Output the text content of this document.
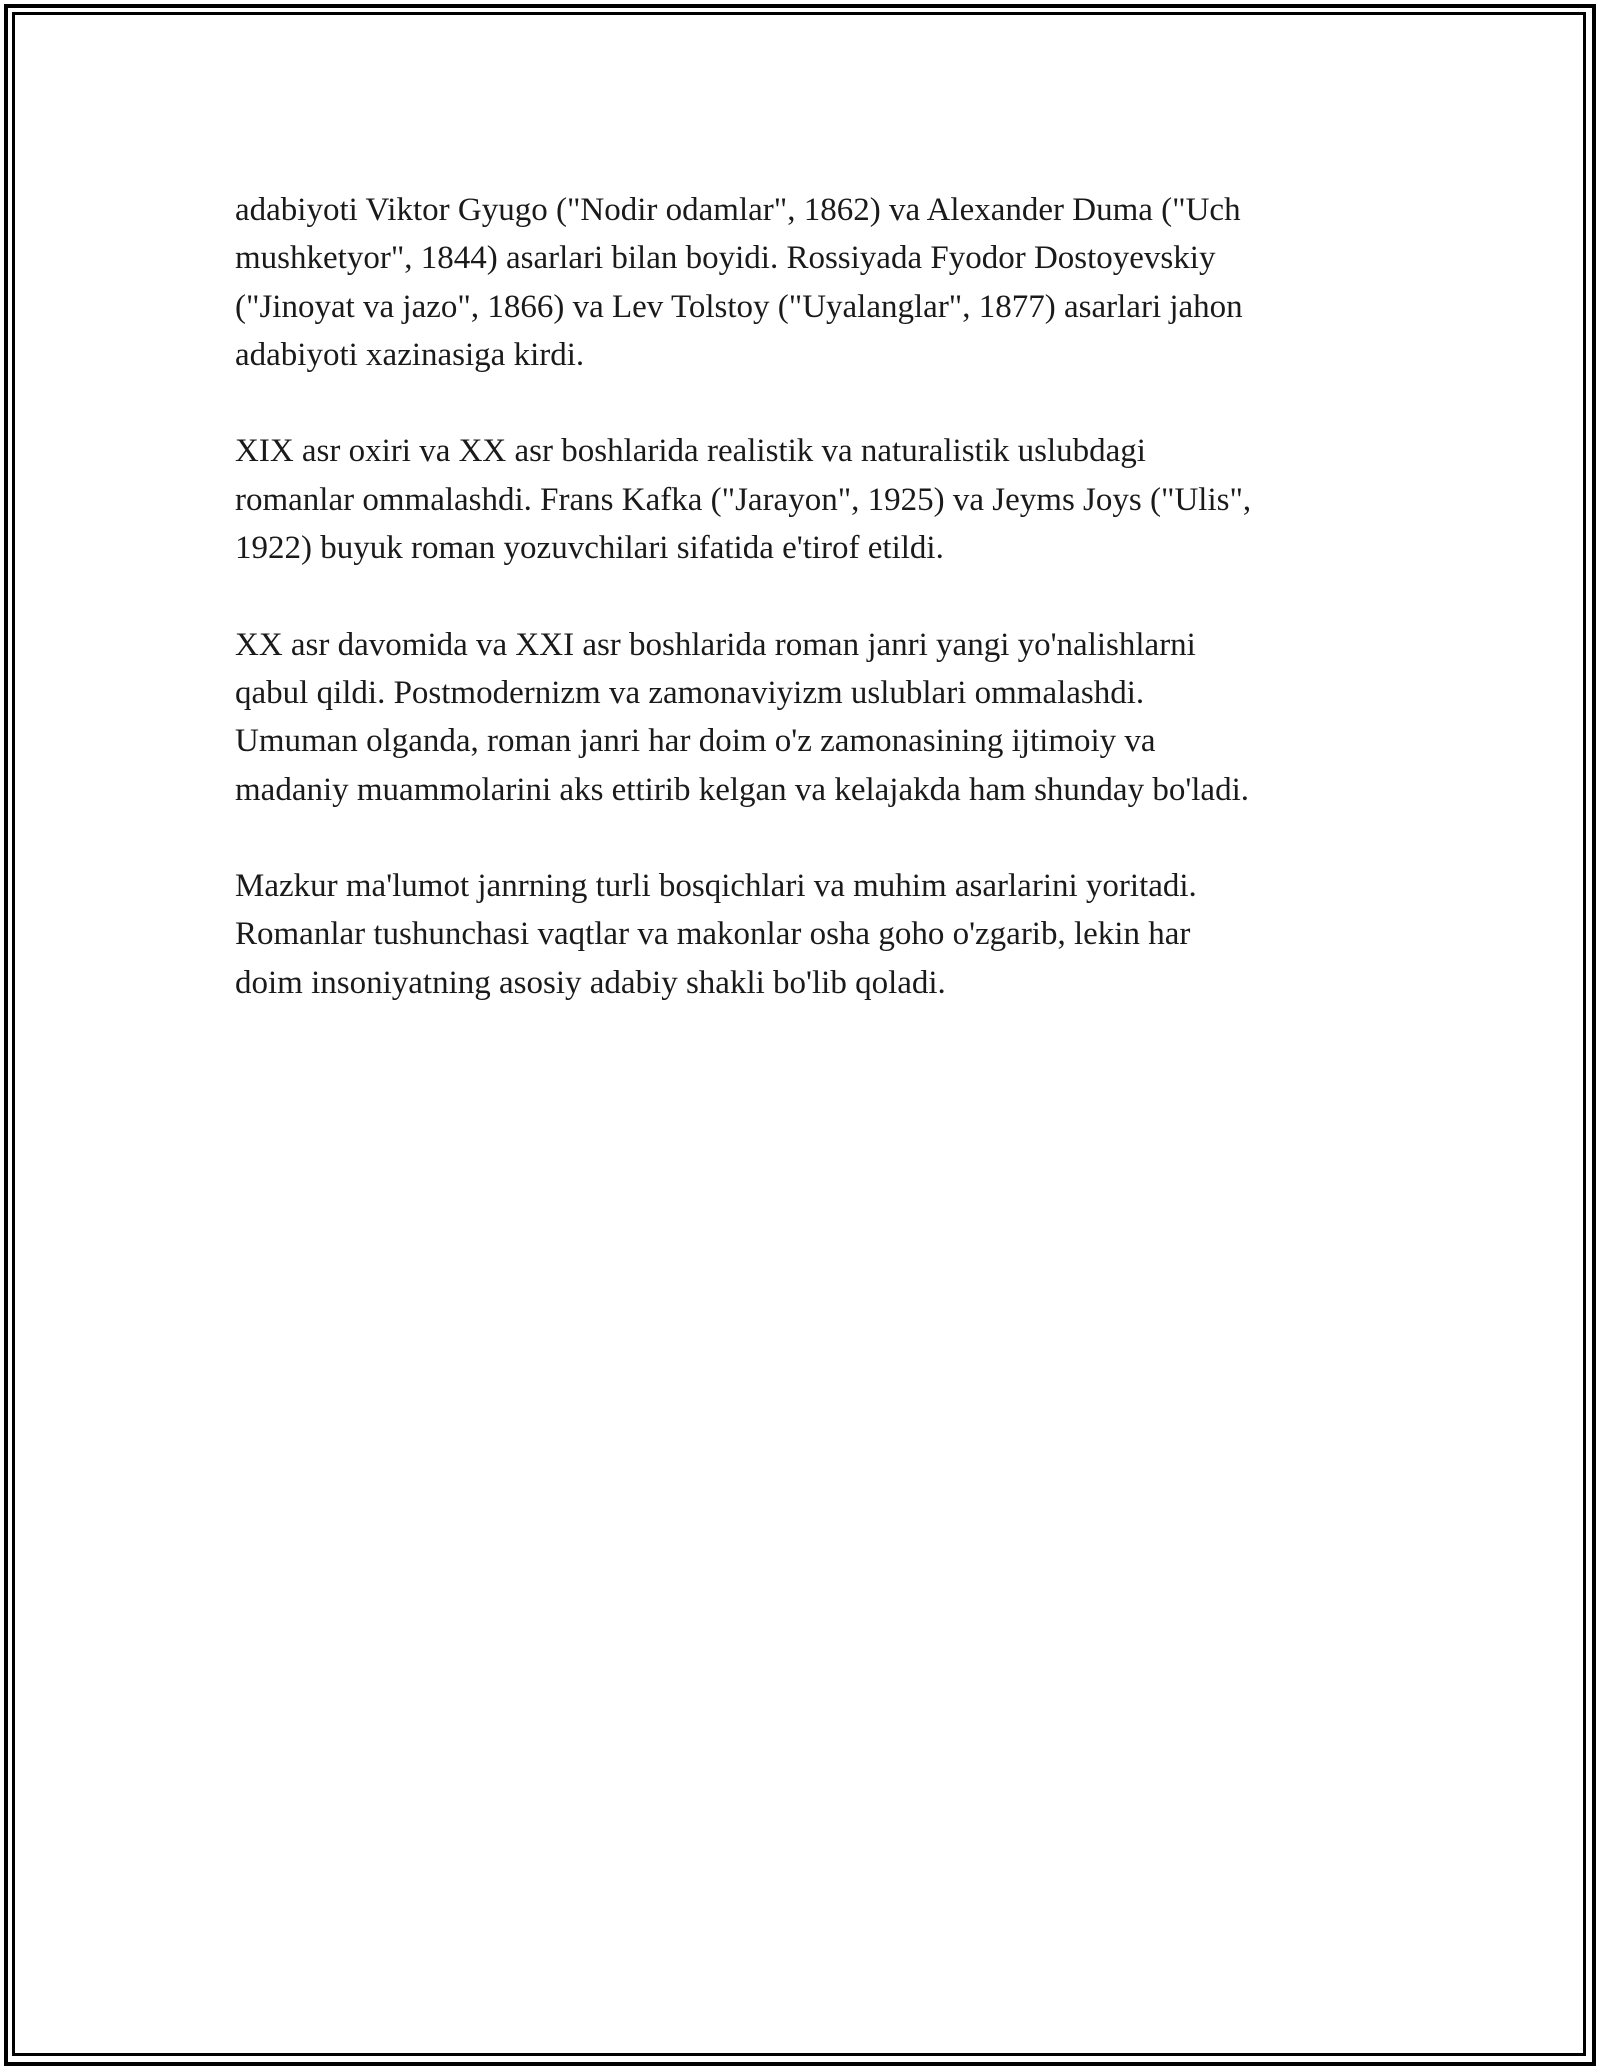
adabiyoti Viktor Gyugo ("Nodir odamlar", 1862) va Alexander Duma ("Uch
mushketyor", 1844) asarlari bilan boyidi. Rossiyada Fyodor Dostoyevskiy
("Jinoyat va jazo", 1866) va Lev Tolstoy ("Uyalanglar", 1877) asarlari jahon
adabiyoti xazinasiga kirdi.

XIX asr oxiri va XX asr boshlarida realistik va naturalistik uslubdagi
romanlar ommalashdi. Frans Kafka ("Jarayon", 1925) va Jeyms Joys ("Ulis",
1922) buyuk roman yozuvchilari sifatida e'tirof etildi.

XX asr davomida va XXI asr boshlarida roman janri yangi yo'nalishlarni
qabul qildi. Postmodernizm va zamonaviyizm uslublari ommalashdi.
Umuman olganda, roman janri har doim o'z zamonasining ijtimoiy va
madaniy muammolarini aks ettirib kelgan va kelajakda ham shunday bo'ladi.

Mazkur ma'lumot janrning turli bosqichlari va muhim asarlarini yoritadi.
Romanlar tushunchasi vaqtlar va makonlar osha goho o'zgarib, lekin har
doim insoniyatning asosiy adabiy shakli bo'lib qoladi.
